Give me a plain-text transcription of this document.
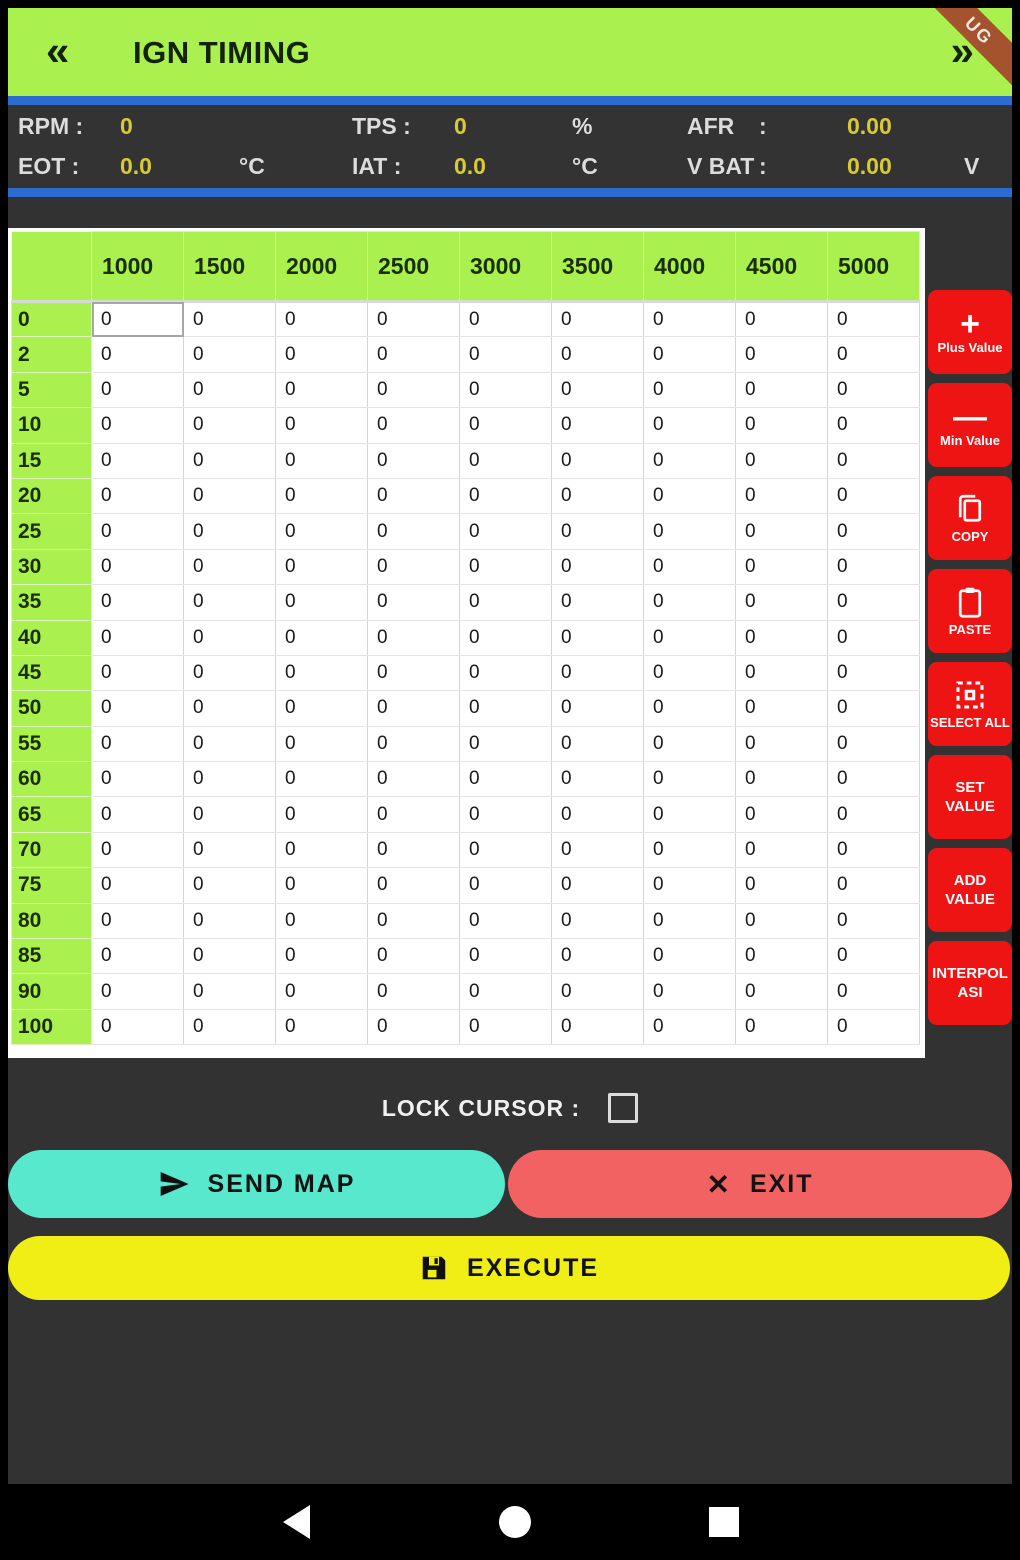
« IGN TIMING	»
UG
RPM :	0	TPS :	0	%	AFR	:	0.00
EOT :	0.0	°C	IAT :	0.0	°C	V BAT :	0.00	V
	1000	1500	2000	2500	3000	3500	4000	4500	5000
0	0	0	0	0	0	0	0	0	0
2	0	0	0	0	0	0	0	0	0
5	0	0	0	0	0	0	0	0	0
10	0	0	0	0	0	0	0	0	0
15	0	0	0	0	0	0	0	0	0
20	0	0	0	0	0	0	0	0	0
25	0	0	0	0	0	0	0	0	0
30	0	0	0	0	0	0	0	0	0
35	0	0	0	0	0	0	0	0	0
40	0	0	0	0	0	0	0	0	0
45	0	0	0	0	0	0	0	0	0
50	0	0	0	0	0	0	0	0	0
55	0	0	0	0	0	0	0	0	0
60	0	0	0	0	0	0	0	0	0
65	0	0	0	0	0	0	0	0	0
70	0	0	0	0	0	0	0	0	0
75	0	0	0	0	0	0	0	0	0
80	0	0	0	0	0	0	0	0	0
85	0	0	0	0	0	0	0	0	0
90	0	0	0	0	0	0	0	0	0
100	0	0	0	0	0	0	0	0	0
+
Plus Value
—
Min Value
COPY
PASTE
SELECT ALL
SET VALUE
ADD VALUE
INTERPOLASI
LOCK CURSOR :
SEND MAP	✕ EXIT
EXECUTE
